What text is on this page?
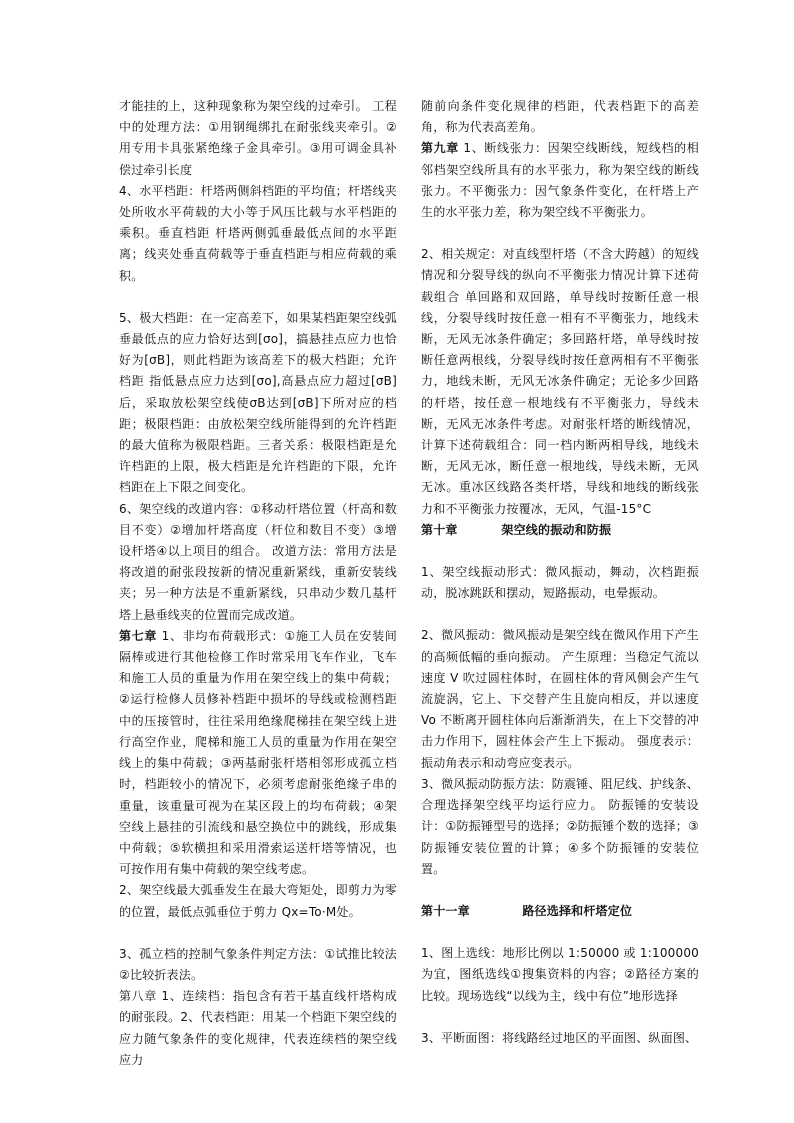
才能挂的上，这种现象称为架空线的过牵引。 工程中的处理方法：①用钢绳绑扎在耐张线夹牵引。②用专用卡具张紧绝缘子金具牵引。③用可调金具补偿过牵引长度

4、水平档距：杆塔两侧斜档距的平均值；杆塔线夹处所收水平荷载的大小等于风压比载与水平档距的乘积。垂直档距 杆塔两侧弧垂最低点间的水平距离；线夹处垂直荷载等于垂直档距与相应荷载的乘积。

5、极大档距：在一定高差下，如果某档距架空线弧垂最低点的应力恰好达到[σo]，搞悬挂点应力也恰好为[σB]，则此档距为该高差下的极大档距；允许档距 指低悬点应力达到[σo],高悬点应力超过[σB]后，采取放松架空线使σB达到[σB]下所对应的档距；极限档距：由放松架空线所能得到的允许档距的最大值称为极限档距。三者关系：极限档距是允许档距的上限，极大档距是允许档距的下限，允许档距在上下限之间变化。

6、架空线的改道内容：①移动杆塔位置（杆高和数目不变）②增加杆塔高度（杆位和数目不变）③增设杆塔④以上项目的组合。 改道方法：常用方法是将改道的耐张段按新的情况重新紧线，重新安装线夹；另一种方法是不重新紧线，只串动少数几基杆塔上悬垂线夹的位置而完成改道。

第七章 1、非均布荷载形式：①施工人员在安装间隔棒或进行其他检修工作时常采用飞车作业，飞车和施工人员的重量为作用在架空线上的集中荷载；②运行检修人员修补档距中损坏的导线或检测档距中的压接管时，往往采用绝缘爬梯挂在架空线上进行高空作业，爬梯和施工人员的重量为作用在架空线上的集中荷载；③两基耐张杆塔相邻形成孤立档时，档距较小的情况下，必须考虑耐张绝缘子串的重量，该重量可视为在某区段上的均布荷载；④架空线上悬挂的引流线和悬空换位中的跳线，形成集中荷载；⑤软横担和采用滑索运送杆塔等情况，也可按作用有集中荷载的架空线考虑。

2、架空线最大弧垂发生在最大弯矩处，即剪力为零的位置，最低点弧垂位于剪力 Qx=To·M处。

3、孤立档的控制气象条件判定方法：①试推比较法②比较折表法。

第八章 1、连续档：指包含有若干基直线杆塔构成的耐张段。2、代表档距：用某一个档距下架空线的应力随气象条件的变化规律，代表连续档的架空线应力

随前向条件变化规律的档距，代表档距下的高差角，称为代表高差角。

第九章 1、断线张力：因架空线断线，短线档的相邻档架空线所具有的水平张力，称为架空线的断线张力。不平衡张力：因气象条件变化，在杆塔上产生的水平张力差，称为架空线不平衡张力。

2、相关规定：对直线型杆塔（不含大跨越）的短线情况和分裂导线的纵向不平衡张力情况计算下述荷载组合 单回路和双回路，单导线时按断任意一根线，分裂导线时按任意一相有不平衡张力，地线未断，无风无冰条件确定；多回路杆塔，单导线时按断任意两根线，分裂导线时按任意两相有不平衡张力，地线未断，无风无冰条件确定；无论多少回路的杆塔，按任意一根地线有不平衡张力，导线未断，无风无冰条件考虑。对耐张杆塔的断线情况，计算下述荷载组合：同一档内断两相导线，地线未断，无风无冰，断任意一根地线，导线未断，无风无冰。重冰区线路各类杆塔，导线和地线的断线张力和不平衡张力按覆冰，无风，气温-15°C

第十章	架空线的振动和防振

1、架空线振动形式：微风振动，舞动，次档距振动，脱冰跳跃和摆动，短路振动，电晕振动。

2、微风振动：微风振动是架空线在微风作用下产生的高频低幅的垂向振动。 产生原理：当稳定气流以速度 V 吹过圆柱体时，在圆柱体的背风侧会产生气流旋涡，它上、下交替产生且旋向相反，并以速度 Vo 不断离开圆柱体向后渐渐消失，在上下交替的冲击力作用下，圆柱体会产生上下振动。 强度表示：振动角表示和动弯应变表示。

3、微风振动防振方法：防震锤、阻尼线、护线条、合理选择架空线平均运行应力。 防振锤的安装设计：①防振锤型号的选择；②防振锤个数的选择；③防振锤安装位置的计算；④多个防振锤的安装位置。

第十一章	路径选择和杆塔定位

1、图上选线：地形比例以 1:50000 或 1:100000 为宜，图纸选线①搜集资料的内容；②路径方案的比较。现场选线“以线为主，线中有位”地形选择

3、平断面图：将线路经过地区的平面图、纵面图、
